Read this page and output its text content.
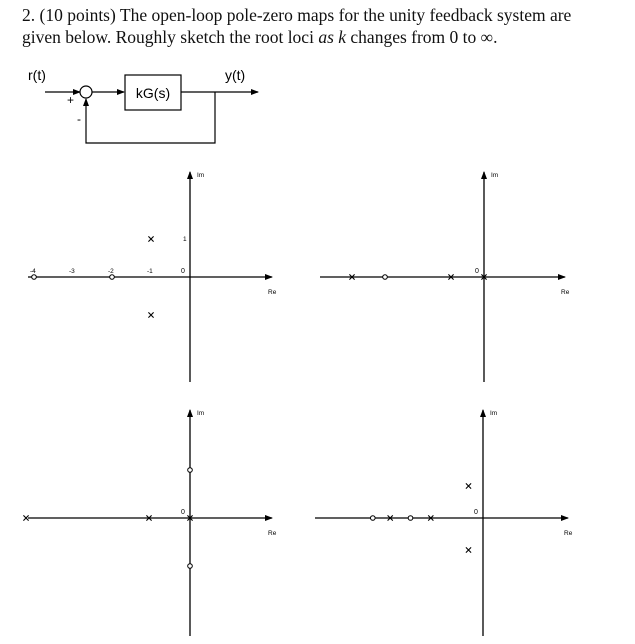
2. (10 points) The open-loop pole-zero maps for the unity feedback system are

given below. Roughly sketch the root loci as k changes from 0 to ∞.

r(t)	y(t)
+
-
kG(s)
Im
Re
0
-4	-3	-2	-1
1
Im
Re
0
Im
Re
0
Im
Re
0
